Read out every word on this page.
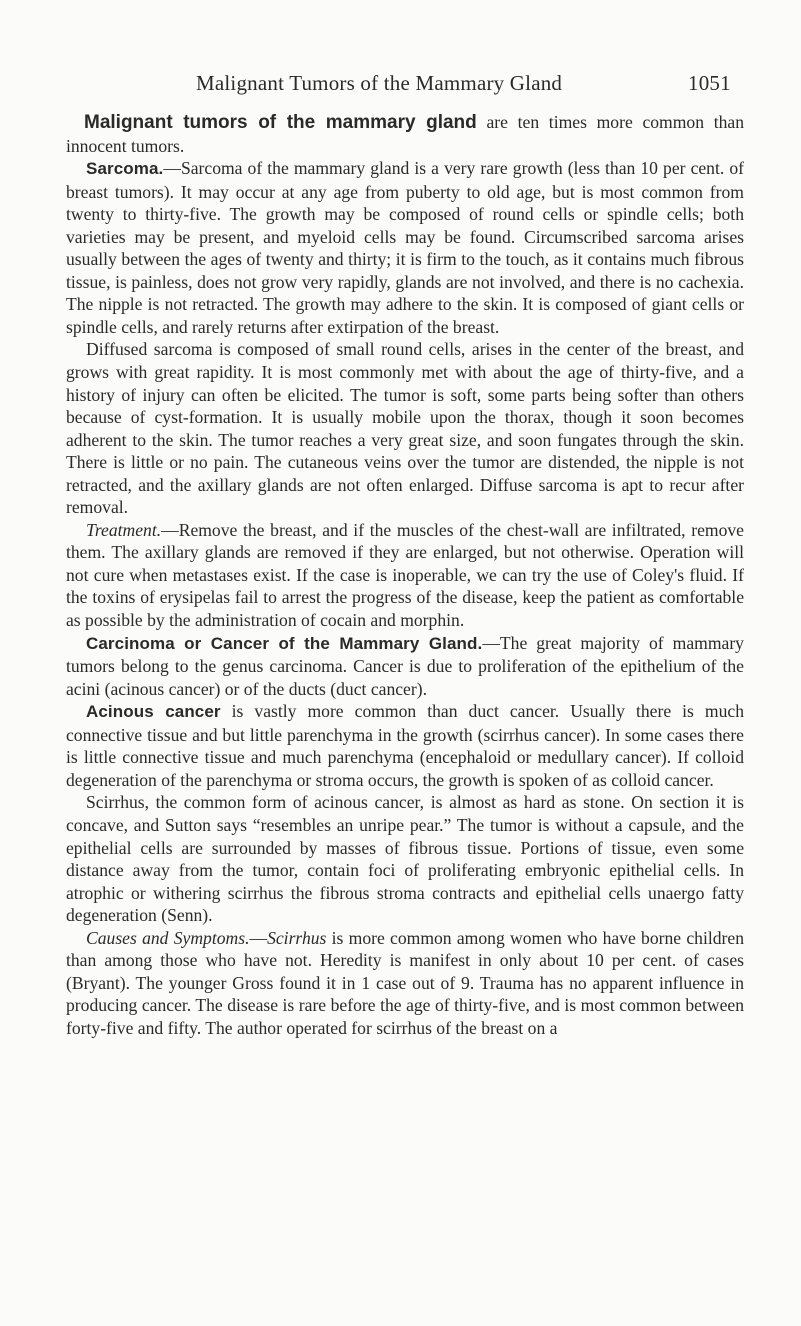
Malignant Tumors of the Mammary Gland	1051

Malignant tumors of the mammary gland are ten times more common than innocent tumors.

Sarcoma.—Sarcoma of the mammary gland is a very rare growth (less than 10 per cent. of breast tumors). It may occur at any age from puberty to old age, but is most common from twenty to thirty-five. The growth may be composed of round cells or spindle cells; both varieties may be present, and myeloid cells may be found. Circumscribed sarcoma arises usually between the ages of twenty and thirty; it is firm to the touch, as it contains much fibrous tissue, is painless, does not grow very rapidly, glands are not involved, and there is no cachexia. The nipple is not retracted. The growth may adhere to the skin. It is composed of giant cells or spindle cells, and rarely returns after extirpation of the breast.

Diffused sarcoma is composed of small round cells, arises in the center of the breast, and grows with great rapidity. It is most commonly met with about the age of thirty-five, and a history of injury can often be elicited. The tumor is soft, some parts being softer than others because of cyst-formation. It is usually mobile upon the thorax, though it soon becomes adherent to the skin. The tumor reaches a very great size, and soon fungates through the skin. There is little or no pain. The cutaneous veins over the tumor are distended, the nipple is not retracted, and the axillary glands are not often enlarged. Diffuse sarcoma is apt to recur after removal.

Treatment.—Remove the breast, and if the muscles of the chest-wall are infiltrated, remove them. The axillary glands are removed if they are enlarged, but not otherwise. Operation will not cure when metastases exist. If the case is inoperable, we can try the use of Coley's fluid. If the toxins of erysipelas fail to arrest the progress of the disease, keep the patient as comfortable as possible by the administration of cocain and morphin.

Carcinoma or Cancer of the Mammary Gland.—The great majority of mammary tumors belong to the genus carcinoma. Cancer is due to proliferation of the epithelium of the acini (acinous cancer) or of the ducts (duct cancer).

Acinous cancer is vastly more common than duct cancer. Usually there is much connective tissue and but little parenchyma in the growth (scirrhus cancer). In some cases there is little connective tissue and much parenchyma (encephaloid or medullary cancer). If colloid degeneration of the parenchyma or stroma occurs, the growth is spoken of as colloid cancer.

Scirrhus, the common form of acinous cancer, is almost as hard as stone. On section it is concave, and Sutton says “resembles an unripe pear.” The tumor is without a capsule, and the epithelial cells are surrounded by masses of fibrous tissue. Portions of tissue, even some distance away from the tumor, contain foci of proliferating embryonic epithelial cells. In atrophic or withering scirrhus the fibrous stroma contracts and epithelial cells unaergo fatty degeneration (Senn).

Causes and Symptoms.—Scirrhus is more common among women who have borne children than among those who have not. Heredity is manifest in only about 10 per cent. of cases (Bryant). The younger Gross found it in 1 case out of 9. Trauma has no apparent influence in producing cancer. The disease is rare before the age of thirty-five, and is most common between forty-five and fifty. The author operated for scirrhus of the breast on a
